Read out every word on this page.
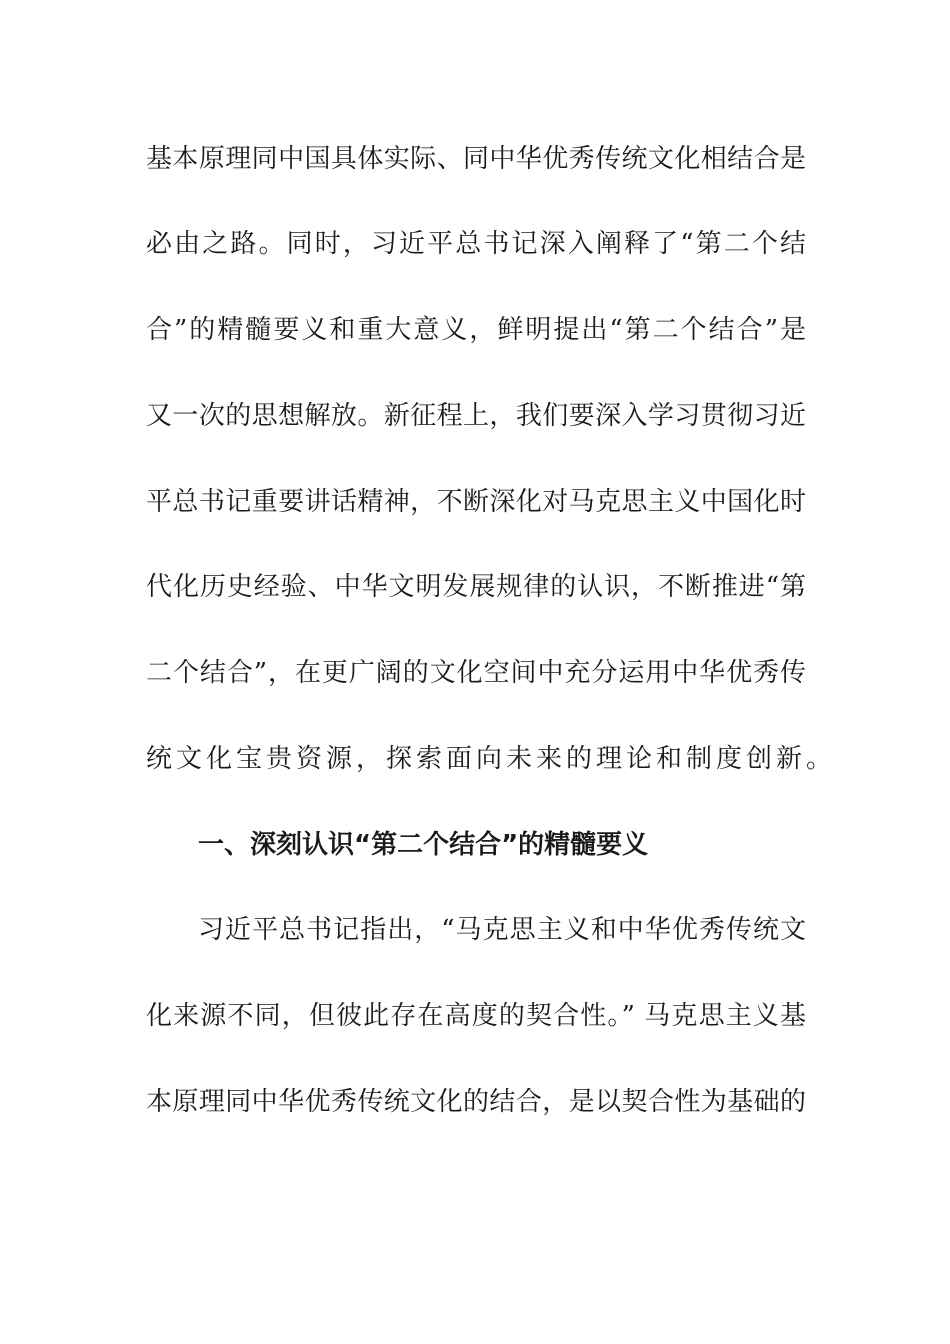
基本原理同中国具体实际、同中华优秀传统文化相结合是
必由之路。同时，习近平总书记深入阐释了“第二个结
合”的精髓要义和重大意义，鲜明提出“第二个结合”是
又一次的思想解放。新征程上，我们要深入学习贯彻习近
平总书记重要讲话精神，不断深化对马克思主义中国化时
代化历史经验、中华文明发展规律的认识，不断推进“第
二个结合”，在更广阔的文化空间中充分运用中华优秀传
统文化宝贵资源，探索面向未来的理论和制度创新。
一、深刻认识“第二个结合”的精髓要义
习近平总书记指出，“马克思主义和中华优秀传统文
化来源不同，但彼此存在高度的契合性。” 马克思主义基
本原理同中华优秀传统文化的结合，是以契合性为基础的
